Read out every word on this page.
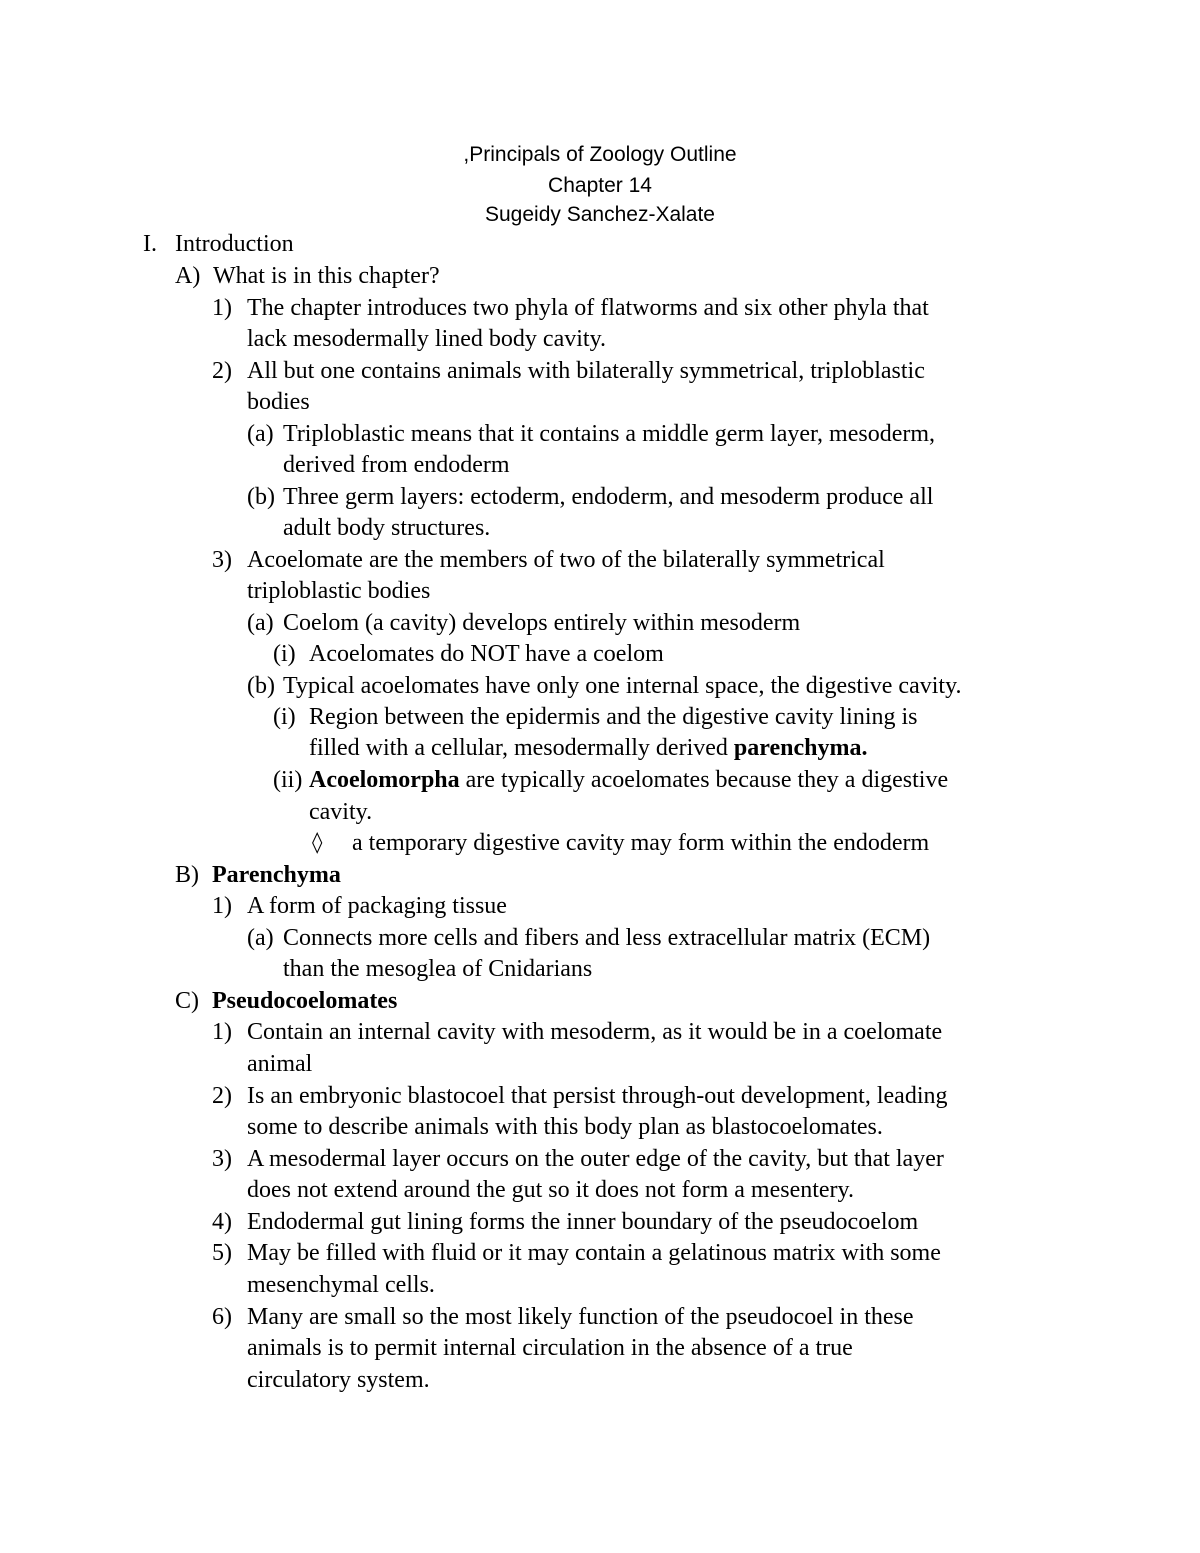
,Principals of Zoology Outline
Chapter 14
Sugeidy Sanchez-Xalate
I. Introduction
A) What is in this chapter?
1) The chapter introduces two phyla of flatworms and six other phyla that
lack mesodermally lined body cavity.
2) All but one contains animals with bilaterally symmetrical, triploblastic
bodies
(a) Triploblastic means that it contains a middle germ layer, mesoderm,
derived from endoderm
(b) Three germ layers: ectoderm, endoderm, and mesoderm produce all
adult body structures.
3) Acoelomate are the members of two of the bilaterally symmetrical
triploblastic bodies
(a) Coelom (a cavity) develops entirely within mesoderm
(i) Acoelomates do NOT have a coelom
(b) Typical acoelomates have only one internal space, the digestive cavity.
(i) Region between the epidermis and the digestive cavity lining is
filled with a cellular, mesodermally derived parenchyma.
(ii) Acoelomorpha are typically acoelomates because they a digestive
cavity.
◊ a temporary digestive cavity may form within the endoderm
B) Parenchyma
1) A form of packaging tissue
(a) Connects more cells and fibers and less extracellular matrix (ECM)
than the mesoglea of Cnidarians
C) Pseudocoelomates
1) Contain an internal cavity with mesoderm, as it would be in a coelomate
animal
2) Is an embryonic blastocoel that persist through-out development, leading
some to describe animals with this body plan as blastocoelomates.
3) A mesodermal layer occurs on the outer edge of the cavity, but that layer
does not extend around the gut so it does not form a mesentery.
4) Endodermal gut lining forms the inner boundary of the pseudocoelom
5) May be filled with fluid or it may contain a gelatinous matrix with some
mesenchymal cells.
6) Many are small so the most likely function of the pseudocoel in these
animals is to permit internal circulation in the absence of a true
circulatory system.
